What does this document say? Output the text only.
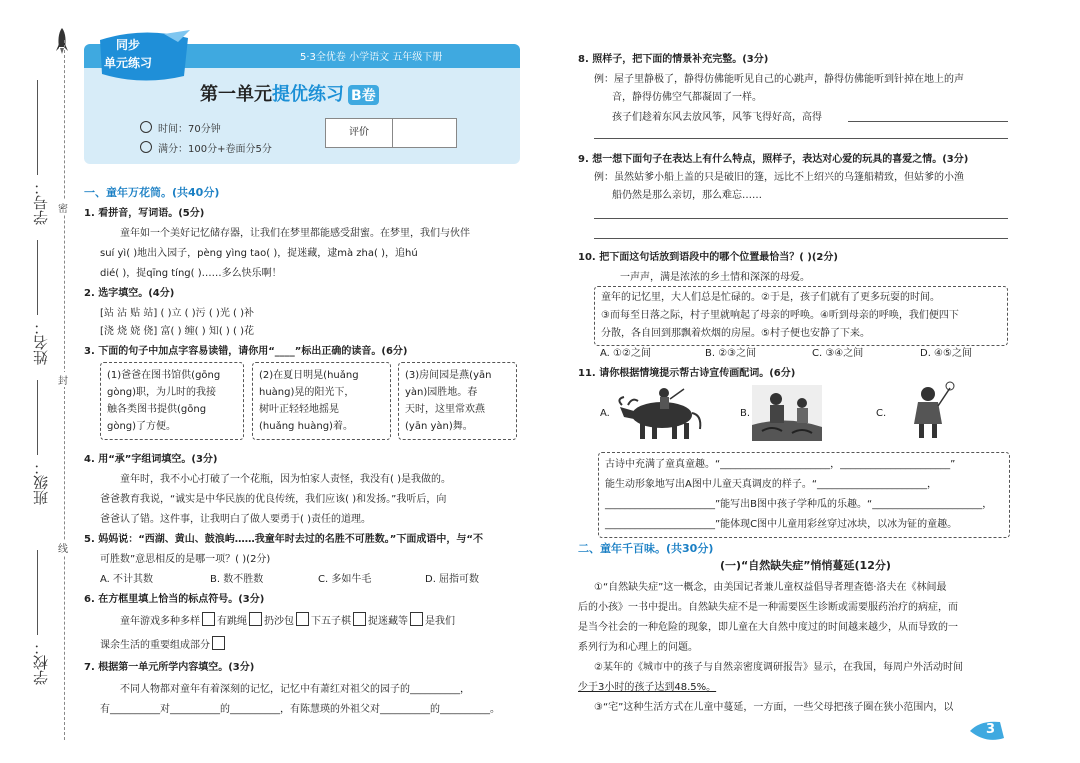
密
封
线
学校：
班级：
姓名：
学号：
5·3全优卷 小学语文 五年级下册
同步
单元练习
第一单元提优练习 B卷
时间：70分钟
满分：100分+卷面分5分
评价
一、童年万花筒。(共40分)
1. 看拼音，写词语。(5分)
童年如一个美好记忆储存器，让我们在梦里都能感受甜蜜。在梦里，我们与伙伴
suí yì( )地出入园子，pèng yìng tao( )，捉迷藏，逮mà zha( )，追hú
dié( )，捉qīng tíng( )……多么快乐啊！
2. 选字填空。(4分)
[站 沾 贴 站] ( )立 ( )污 ( )光 ( )补
[浇 烧 娆 侥] 富( ) 缠( ) 知( ) ( )花
3. 下面的句子中加点字容易读错，请你用“____”标出正确的读音。(6分)
(1)爸爸在图书馆供(gōng
gòng)职，为儿时的我接
触各类图书提供(gōng
gòng)了方便。
(2)在夏日明晃(huǎng
huàng)晃的阳光下，
树叶正轻轻地摇晃
(huǎng huàng)着。
(3)房间园是燕(yān
yàn)园胜地。春
天时，这里常欢燕
(yān yàn)舞。
4. 用“承”字组词填空。(3分)
童年时，我不小心打破了一个花瓶，因为怕家人责怪，我没有( )是我做的。
爸爸教育我说，“诚实是中华民族的优良传统，我们应该( )和发扬。”我听后，向
爸爸认了错。这件事，让我明白了做人要勇于( )责任的道理。
5. 妈妈说：“西湖、黄山、鼓浪屿……我童年时去过的名胜不可胜数。”下面成语中，与“不
可胜数”意思相反的是哪一项？( )(2分)
A. 不计其数	B. 数不胜数	C. 多如牛毛	D. 屈指可数
6. 在方框里填上恰当的标点符号。(3分)
童年游戏多种多样 有跳绳 扔沙包 下五子棋 捉迷藏等 是我们
课余生活的重要组成部分
7. 根据第一单元所学内容填空。(3分)
不同人物都对童年有着深刻的记忆，记忆中有萧红对祖父的园子的__________，
有__________对__________的__________，有陈慧瑛的外祖父对__________的__________。
8. 照样子，把下面的情景补充完整。(3分)
例：屋子里静极了，静得仿佛能听见自己的心跳声，静得仿佛能听到针掉在地上的声
音，静得仿佛空气都凝固了一样。
孩子们趁着东风去放风筝，风筝飞得好高，高得
9. 想一想下面句子在表达上有什么特点，照样子，表达对心爱的玩具的喜爱之情。(3分)
例：虽然姑爹小船上盖的只是破旧的篷，远比不上绍兴的乌篷船精致，但姑爹的小渔
船仍然是那么亲切，那么难忘……
10. 把下面这句话放到语段中的哪个位置最恰当？( )(2分)
一声声，满是浓浓的乡土情和深深的母爱。
童年的记忆里，大人们总是忙碌的。②于是，孩子们就有了更多玩耍的时间。
③而每至日落之际，村子里就响起了母亲的呼唤。④听到母亲的呼唤，我们便四下
分散，各自回到那飘着炊烟的房屋。⑤村子便也安静了下来。
A. ①②之间	B. ②③之间	C. ③④之间	D. ④⑤之间
11. 请你根据情境提示帮古诗宣传画配词。(6分)
A.	B.	C.
古诗中充满了童真童趣。“______________________，______________________”
能生动形象地写出A图中儿童天真调皮的样子。“______________________，
______________________”能写出B图中孩子学种瓜的乐趣。“______________________，
______________________”能体现C图中儿童用彩丝穿过冰块，以冰为钲的童趣。
二、童年千百味。(共30分)
(一)“自然缺失症”悄悄蔓延(12分)
①“自然缺失症”这一概念，由美国记者兼儿童权益倡导者理查德·洛夫在《林间最
后的小孩》一书中提出。自然缺失症不是一种需要医生诊断或需要服药治疗的病症，而
是当今社会的一种危险的现象，即儿童在大自然中度过的时间越来越少，从而导致的一
系列行为和心理上的问题。
②某年的《城市中的孩子与自然亲密度调研报告》显示，在我国，每周户外活动时间
少于3小时的孩子达到48.5%。
③“宅”这种生活方式在儿童中蔓延，一方面，一些父母把孩子圈在狭小范围内，以
3
